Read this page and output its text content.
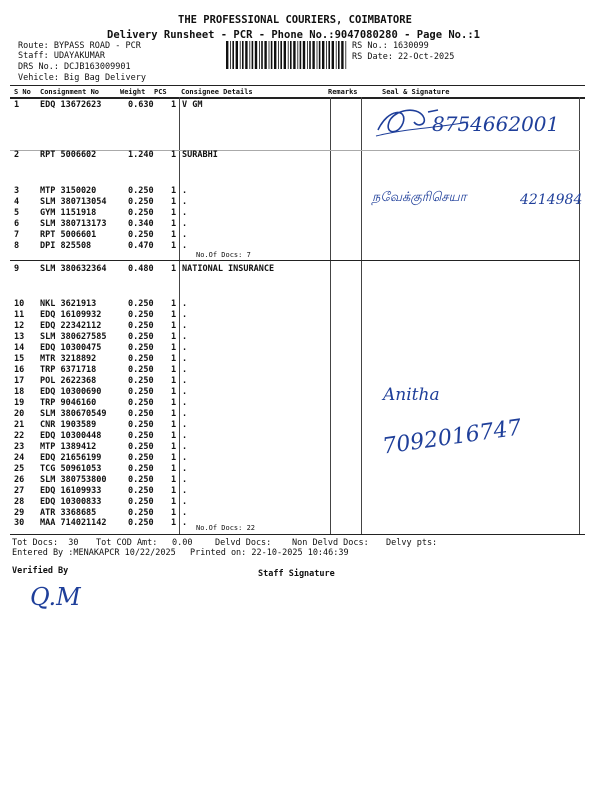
THE PROFESSIONAL COURIERS, COIMBATORE
Delivery Runsheet - PCR - Phone No.:9047080280 - Page No.:1
Route: BYPASS ROAD - PCR
Staff: UDAYAKUMAR
DRS No.: DCJB163009901
Vehicle: Big Bag Delivery
RS No.: 1630099
RS Date: 22-Oct-2025
S No Consignment No	Weight PCS Consignee Details	Remarks	Seal & Signature
1 EDQ 13672623	0.630 1 V GM
2 RPT 5006602	1.240 1 SURABHI
3 MTP 3150020	0.250 1 .
4 SLM 380713054	0.250 1 .
5 GYM 1151918	0.250 1 .
6 SLM 380713173	0.340 1 .
7 RPT 5006601	0.250 1 .
8 DPI 825508	0.470 1 .
9 SLM 380632364	0.480 1 NATIONAL INSURANCE
10 NKL 3621913	0.250 1 .
11 EDQ 16109932	0.250 1 .
12 EDQ 22342112	0.250 1 .
13 SLM 380627585	0.250 1 .
14 EDQ 10300475	0.250 1 .
15 MTR 3218892	0.250 1 .
16 TRP 6371718	0.250 1 .
17 POL 2622368	0.250 1 .
18 EDQ 10300690	0.250 1 .
19 TRP 9046160	0.250 1 .
20 SLM 380670549	0.250 1 .
21 CNR 1903589	0.250 1 .
22 EDQ 10300448	0.250 1 .
23 MTP 1389412	0.250 1 .
24 EDQ 21656199	0.250 1 .
25 TCG 50961053	0.250 1 .
26 SLM 380753800	0.250 1 .
27 EDQ 16109933	0.250 1 .
28 EDQ 10300833	0.250 1 .
29 ATR 3368685	0.250 1 .
30 MAA 714021142	0.250 1 .
No.Of Docs: 7
No.Of Docs: 22
Tot Docs:  30 Tot COD Amt: 0.00	Delvd Docs: Non Delvd Docs: Delvy pts:
Entered By :MENAKAPCR 10/22/2025 Printed on: 22-10-2025 10:46:39
Verified By	Staff Signature
8754662001
நவேக்குரிசெயா	4214984
Anitha
7092016747
Q.M
